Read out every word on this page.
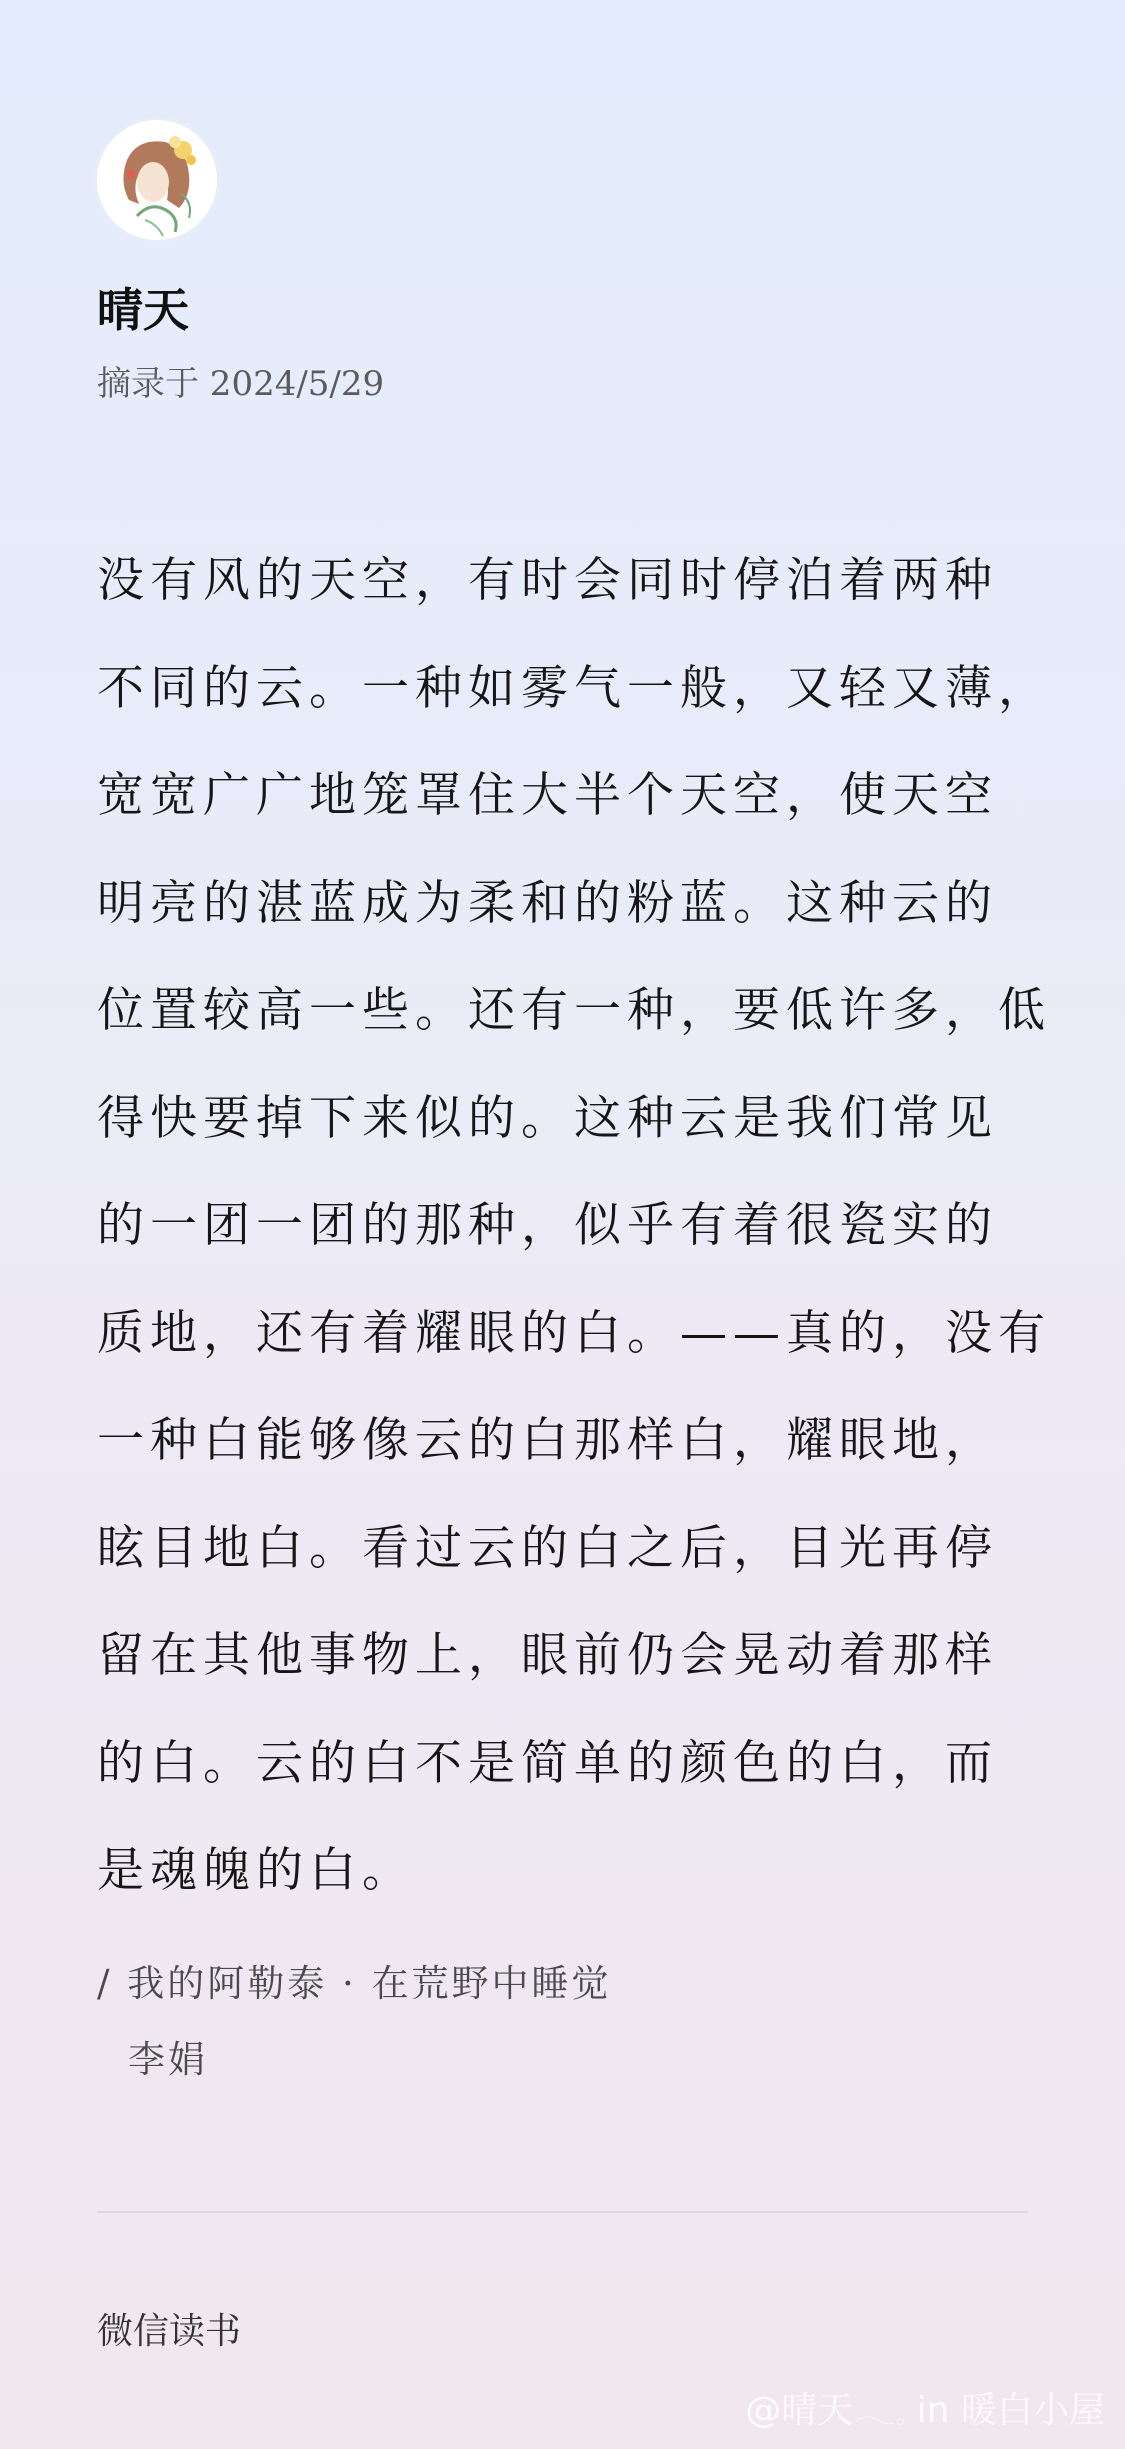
晴天
摘录于 2024/5/29

没有风的天空，有时会同时停泊着两种
不同的云。一种如雾气一般，又轻又薄，
宽宽广广地笼罩住大半个天空，使天空
明亮的湛蓝成为柔和的粉蓝。这种云的
位置较高一些。还有一种，要低许多，低
得快要掉下来似的。这种云是我们常见
的一团一团的那种，似乎有着很瓷实的
质地，还有着耀眼的白。——真的，没有
一种白能够像云的白那样白，耀眼地，
眩目地白。看过云的白之后，目光再停
留在其他事物上，眼前仍会晃动着那样
的白。云的白不是简单的颜色的白，而
是魂魄的白。

/ 我的阿勒泰 · 在荒野中睡觉
李娟
微信读书
@晴天𓂃𓈒 in 暖白小屋
